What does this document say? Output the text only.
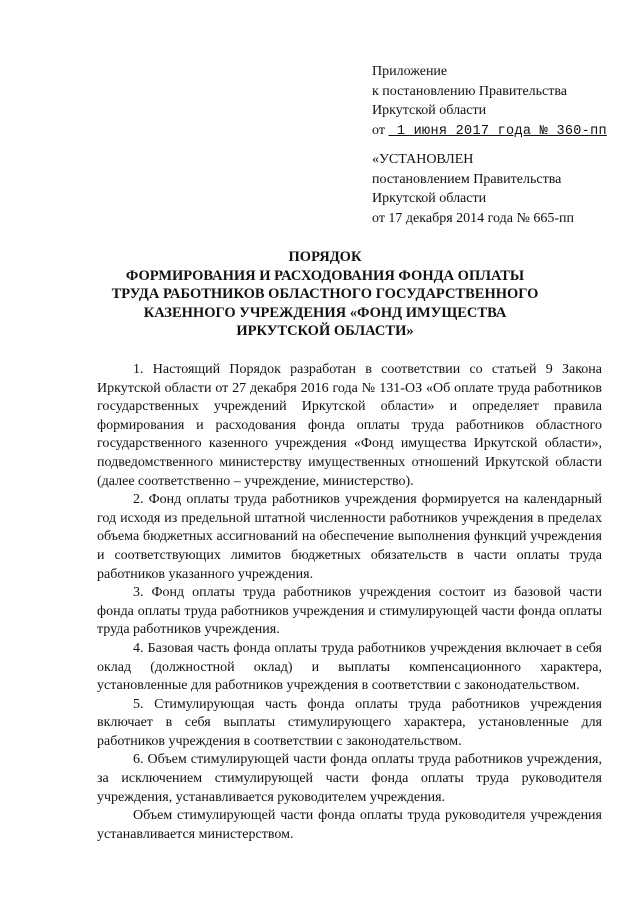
Приложение
к постановлению Правительства
Иркутской области
от  1 июня 2017 года № 360-пп
«УСТАНОВЛЕН
постановлением Правительства
Иркутской области
от 17 декабря 2014 года № 665-пп
ПОРЯДОК
ФОРМИРОВАНИЯ И РАСХОДОВАНИЯ ФОНДА ОПЛАТЫ
ТРУДА РАБОТНИКОВ ОБЛАСТНОГО ГОСУДАРСТВЕННОГО
КАЗЕННОГО УЧРЕЖДЕНИЯ «ФОНД ИМУЩЕСТВА
ИРКУТСКОЙ ОБЛАСТИ»

1. Настоящий Порядок разработан в соответствии со статьей 9 Закона Иркутской области от 27 декабря 2016 года № 131-ОЗ «Об оплате труда работников государственных учреждений Иркутской области» и определяет правила формирования и расходования фонда оплаты труда работников областного государственного казенного учреждения «Фонд имущества Иркутской области», подведомственного министерству имущественных отношений Иркутской области (далее соответственно – учреждение, министерство).

2. Фонд оплаты труда работников учреждения формируется на календарный год исходя из предельной штатной численности работников учреждения в пределах объема бюджетных ассигнований на обеспечение выполнения функций учреждения и соответствующих лимитов бюджетных обязательств в части оплаты труда работников указанного учреждения.

3. Фонд оплаты труда работников учреждения состоит из базовой части фонда оплаты труда работников учреждения и стимулирующей части фонда оплаты труда работников учреждения.

4. Базовая часть фонда оплаты труда работников учреждения включает в себя оклад (должностной оклад) и выплаты компенсационного характера, установленные для работников учреждения в соответствии с законодательством.

5. Стимулирующая часть фонда оплаты труда работников учреждения включает в себя выплаты стимулирующего характера, установленные для работников учреждения в соответствии с законодательством.

6. Объем стимулирующей части фонда оплаты труда работников учреждения, за исключением стимулирующей части фонда оплаты труда руководителя учреждения, устанавливается руководителем учреждения.

Объем стимулирующей части фонда оплаты труда руководителя учреждения устанавливается министерством.
